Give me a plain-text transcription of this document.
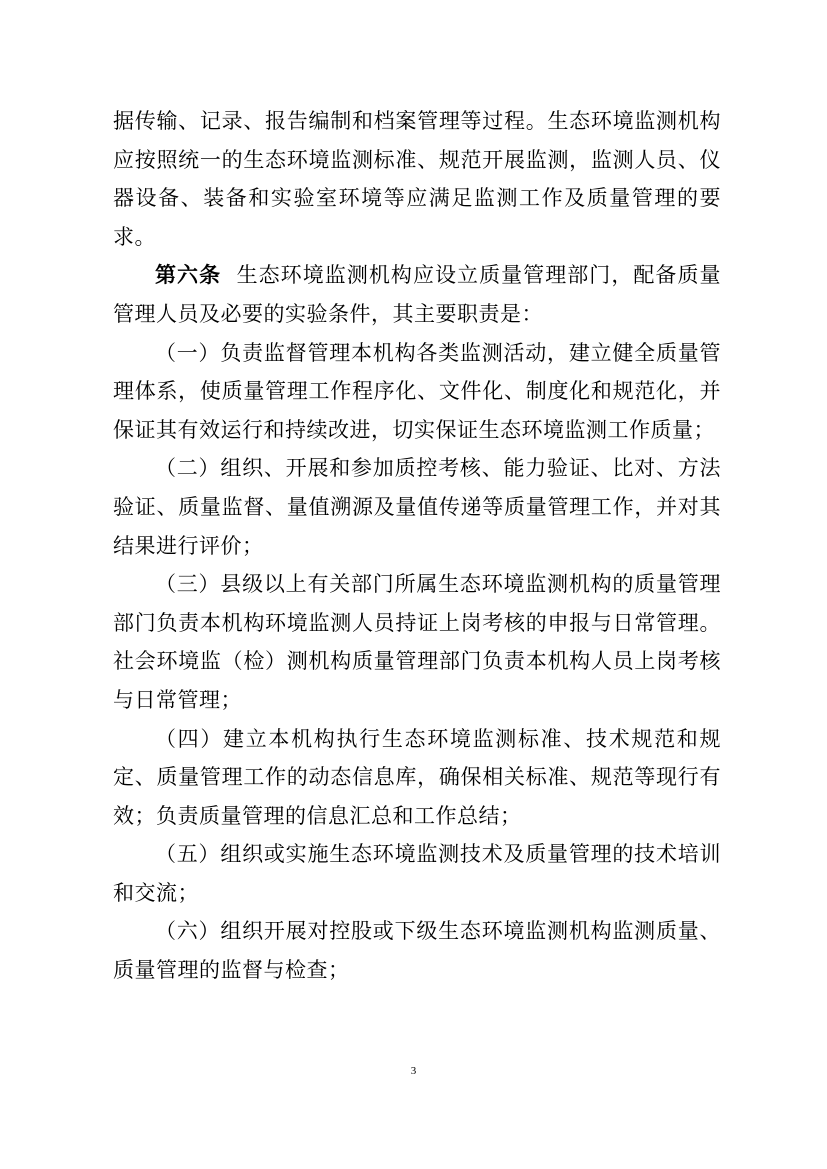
据传输、记录、报告编制和档案管理等过程。生态环境监测机构应按照统一的生态环境监测标准、规范开展监测，监测人员、仪器设备、装备和实验室环境等应满足监测工作及质量管理的要求。

第六条 生态环境监测机构应设立质量管理部门，配备质量管理人员及必要的实验条件，其主要职责是：

（一）负责监督管理本机构各类监测活动，建立健全质量管理体系，使质量管理工作程序化、文件化、制度化和规范化，并保证其有效运行和持续改进，切实保证生态环境监测工作质量；

（二）组织、开展和参加质控考核、能力验证、比对、方法验证、质量监督、量值溯源及量值传递等质量管理工作，并对其结果进行评价；

（三）县级以上有关部门所属生态环境监测机构的质量管理部门负责本机构环境监测人员持证上岗考核的申报与日常管理。社会环境监（检）测机构质量管理部门负责本机构人员上岗考核与日常管理；

（四）建立本机构执行生态环境监测标准、技术规范和规定、质量管理工作的动态信息库，确保相关标准、规范等现行有效；负责质量管理的信息汇总和工作总结；

（五）组织或实施生态环境监测技术及质量管理的技术培训和交流；

（六）组织开展对控股或下级生态环境监测机构监测质量、质量管理的监督与检查；

3
